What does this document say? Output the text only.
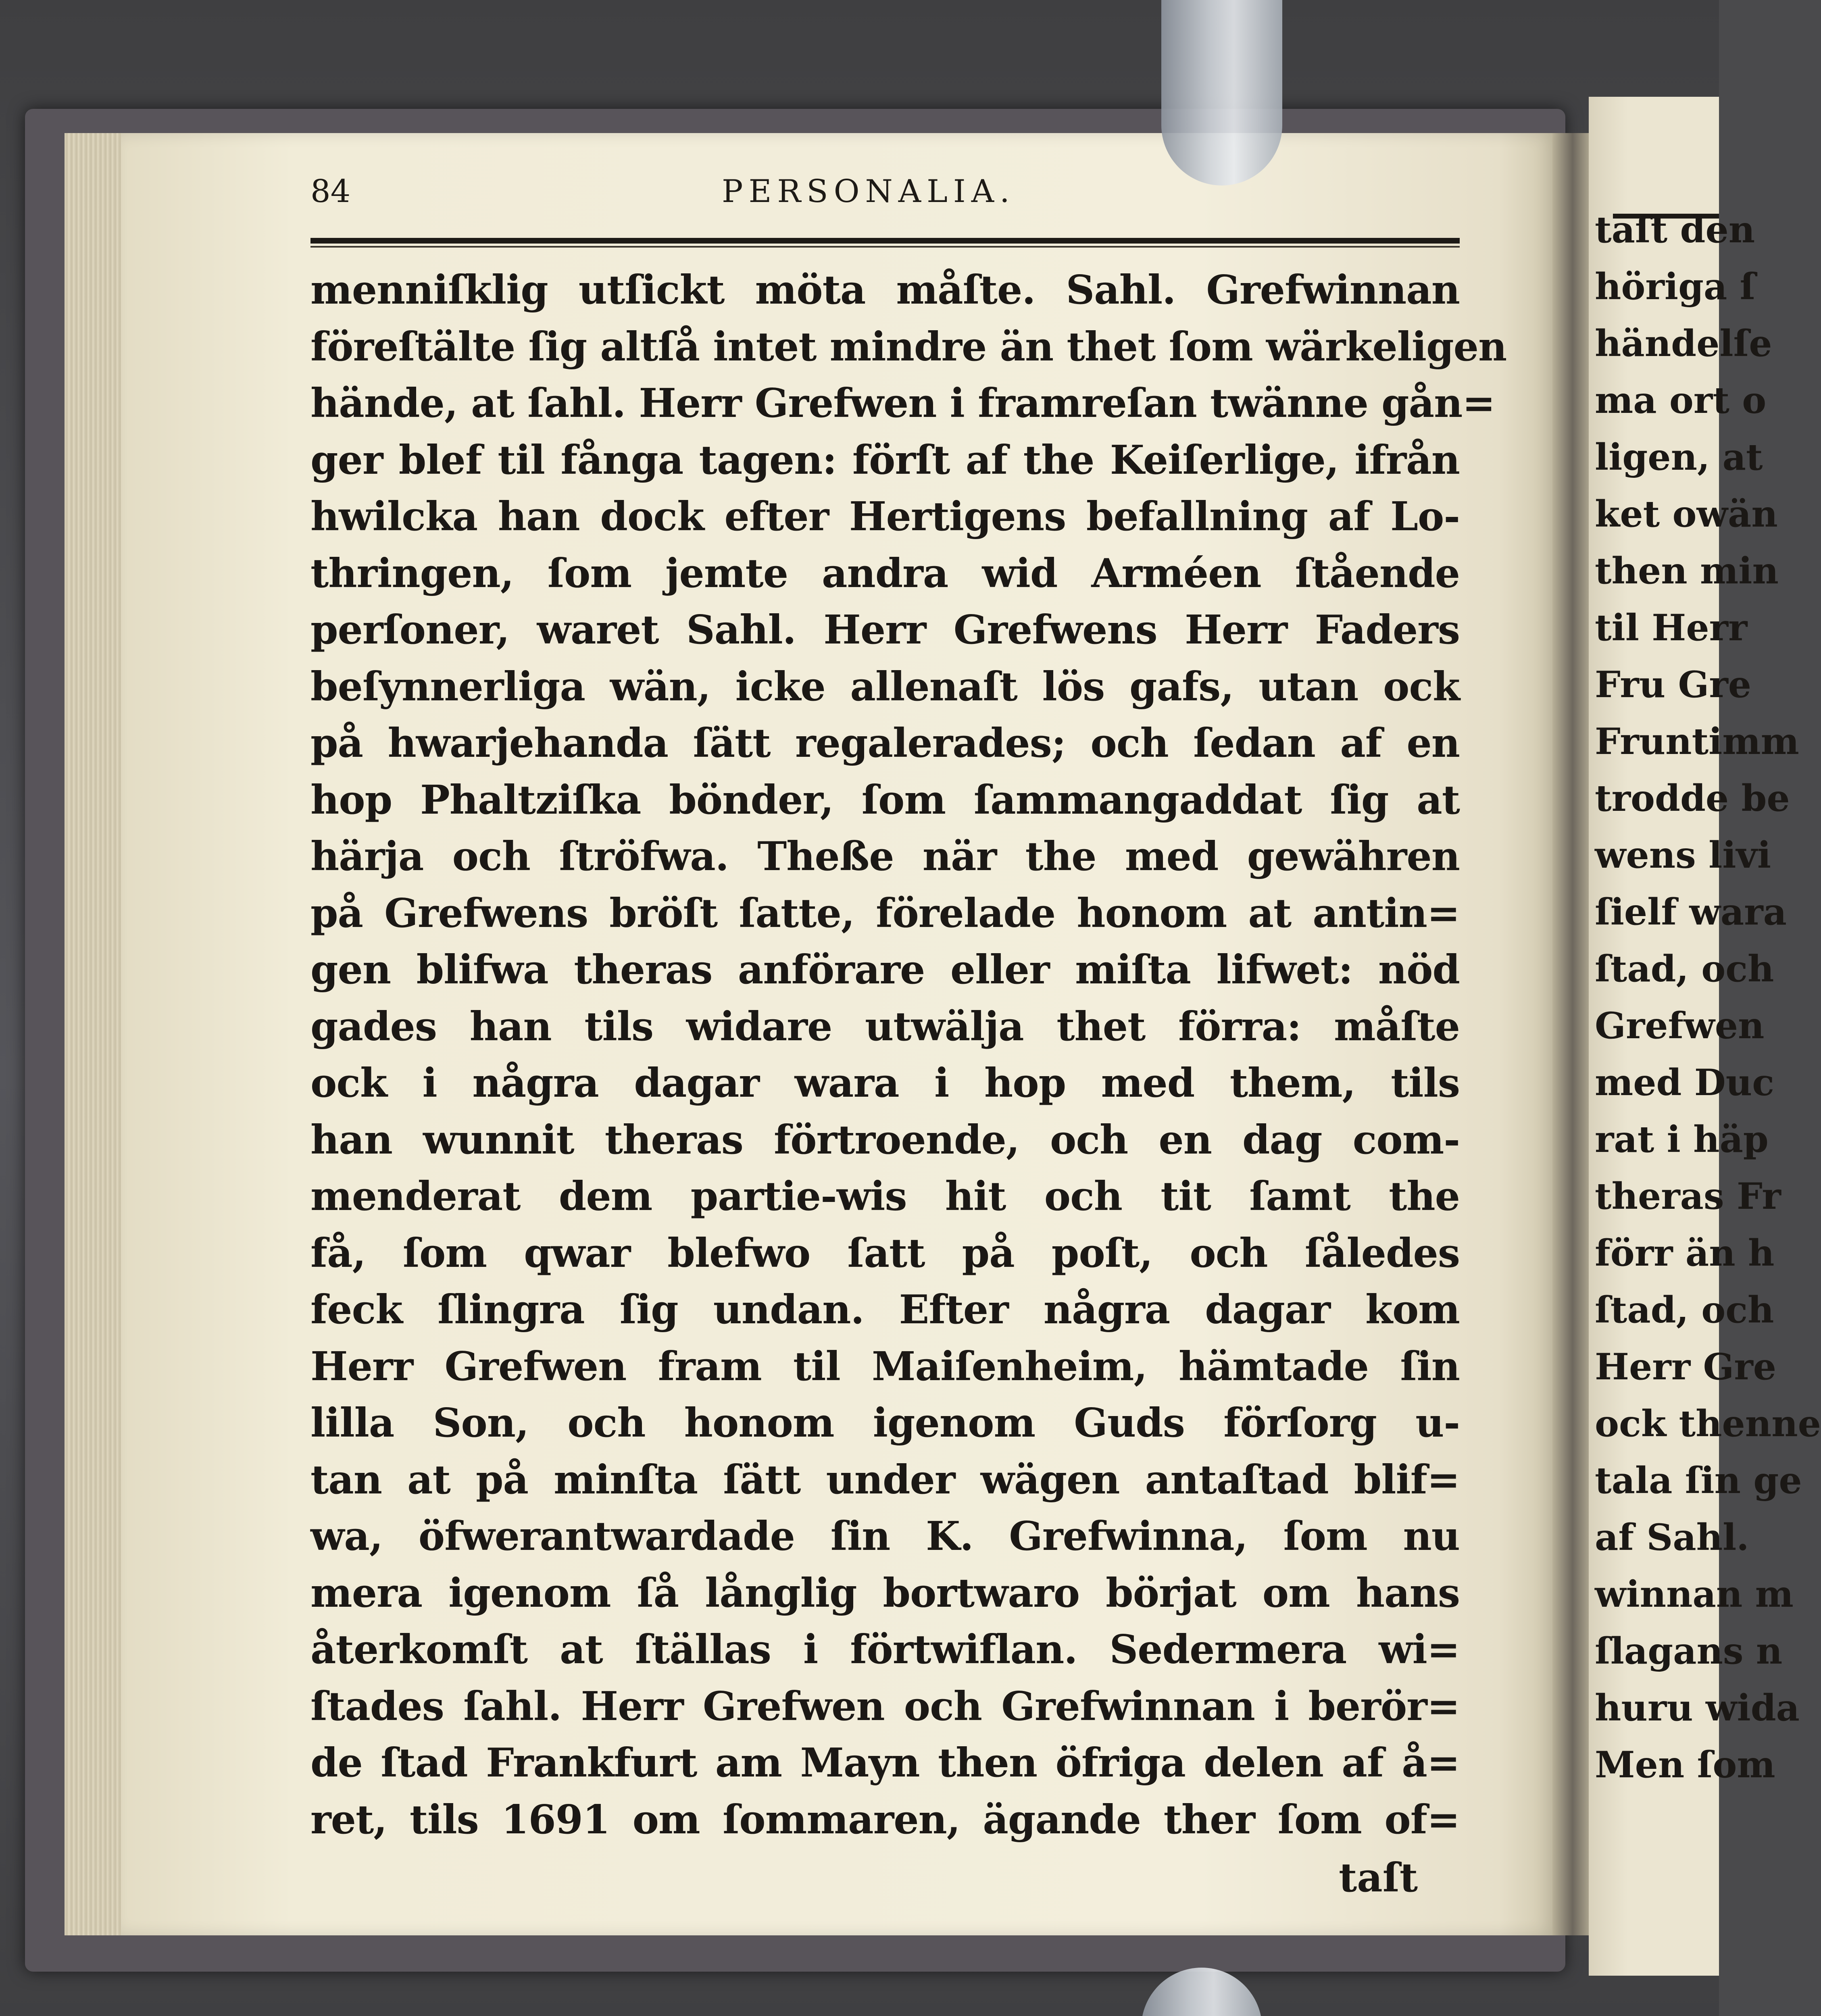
84	PERSONALIA.
menniſklig utſickt möta måſte. Sahl. Grefwinnan
föreſtälte ſig altſå intet mindre än thet ſom wärkeligen
hände, at ſahl. Herr Grefwen i framreſan twänne gån=
ger blef til fånga tagen: förſt af the Keiſerlige, ifrån
hwilcka han dock efter Hertigens befallning af Lo-
thringen, ſom jemte andra wid Arméen ſtående
perſoner, waret Sahl. Herr Grefwens Herr Faders
beſynnerliga wän, icke allenaſt lös gafs, utan ock
på hwarjehanda ſätt regalerades; och ſedan af en
hop Phaltziſka bönder, ſom ſammangaddat ſig at
härja och ſtröfwa. Theße när the med gewähren
på Grefwens bröſt ſatte, förelade honom at antin=
gen blifwa theras anförare eller miſta lifwet: nöd
gades han tils widare utwälja thet förra: måſte
ock i några dagar wara i hop med them, tils
han wunnit theras förtroende, och en dag com-
menderat dem partie-wis hit och tit ſamt the
få, ſom qwar blefwo ſatt på poſt, och ſåledes
feck ſlingra ſig undan. Efter några dagar kom
Herr Grefwen fram til Maiſenheim, hämtade ſin
lilla Son, och honom igenom Guds förſorg u-
tan at på minſta ſätt under wägen antaſtad blif=
wa, öfwerantwardade ſin K. Grefwinna, ſom nu
mera igenom ſå långlig bortwaro börjat om hans
återkomſt at ſtällas i förtwiflan. Sedermera wi=
ſtades ſahl. Herr Grefwen och Grefwinnan i berör=
de ſtad Frankfurt am Mayn then öfriga delen af å=
ret, tils 1691 om ſommaren, ägande ther ſom of=
taſt
taſt den
höriga ſ
händelſe
ma ort o
ligen, at
ket owän
then min
til Herr
Fru Gre
Fruntimm
trodde be
wens livi
ſielf wara
ſtad, och
Grefwen
med Duc
rat i häp
theras Fr
förr än h
ſtad, och
Herr Gre
ock thenne
tala ſin ge
af Sahl.
winnan m
ſlagans n
huru wida
Men ſom
